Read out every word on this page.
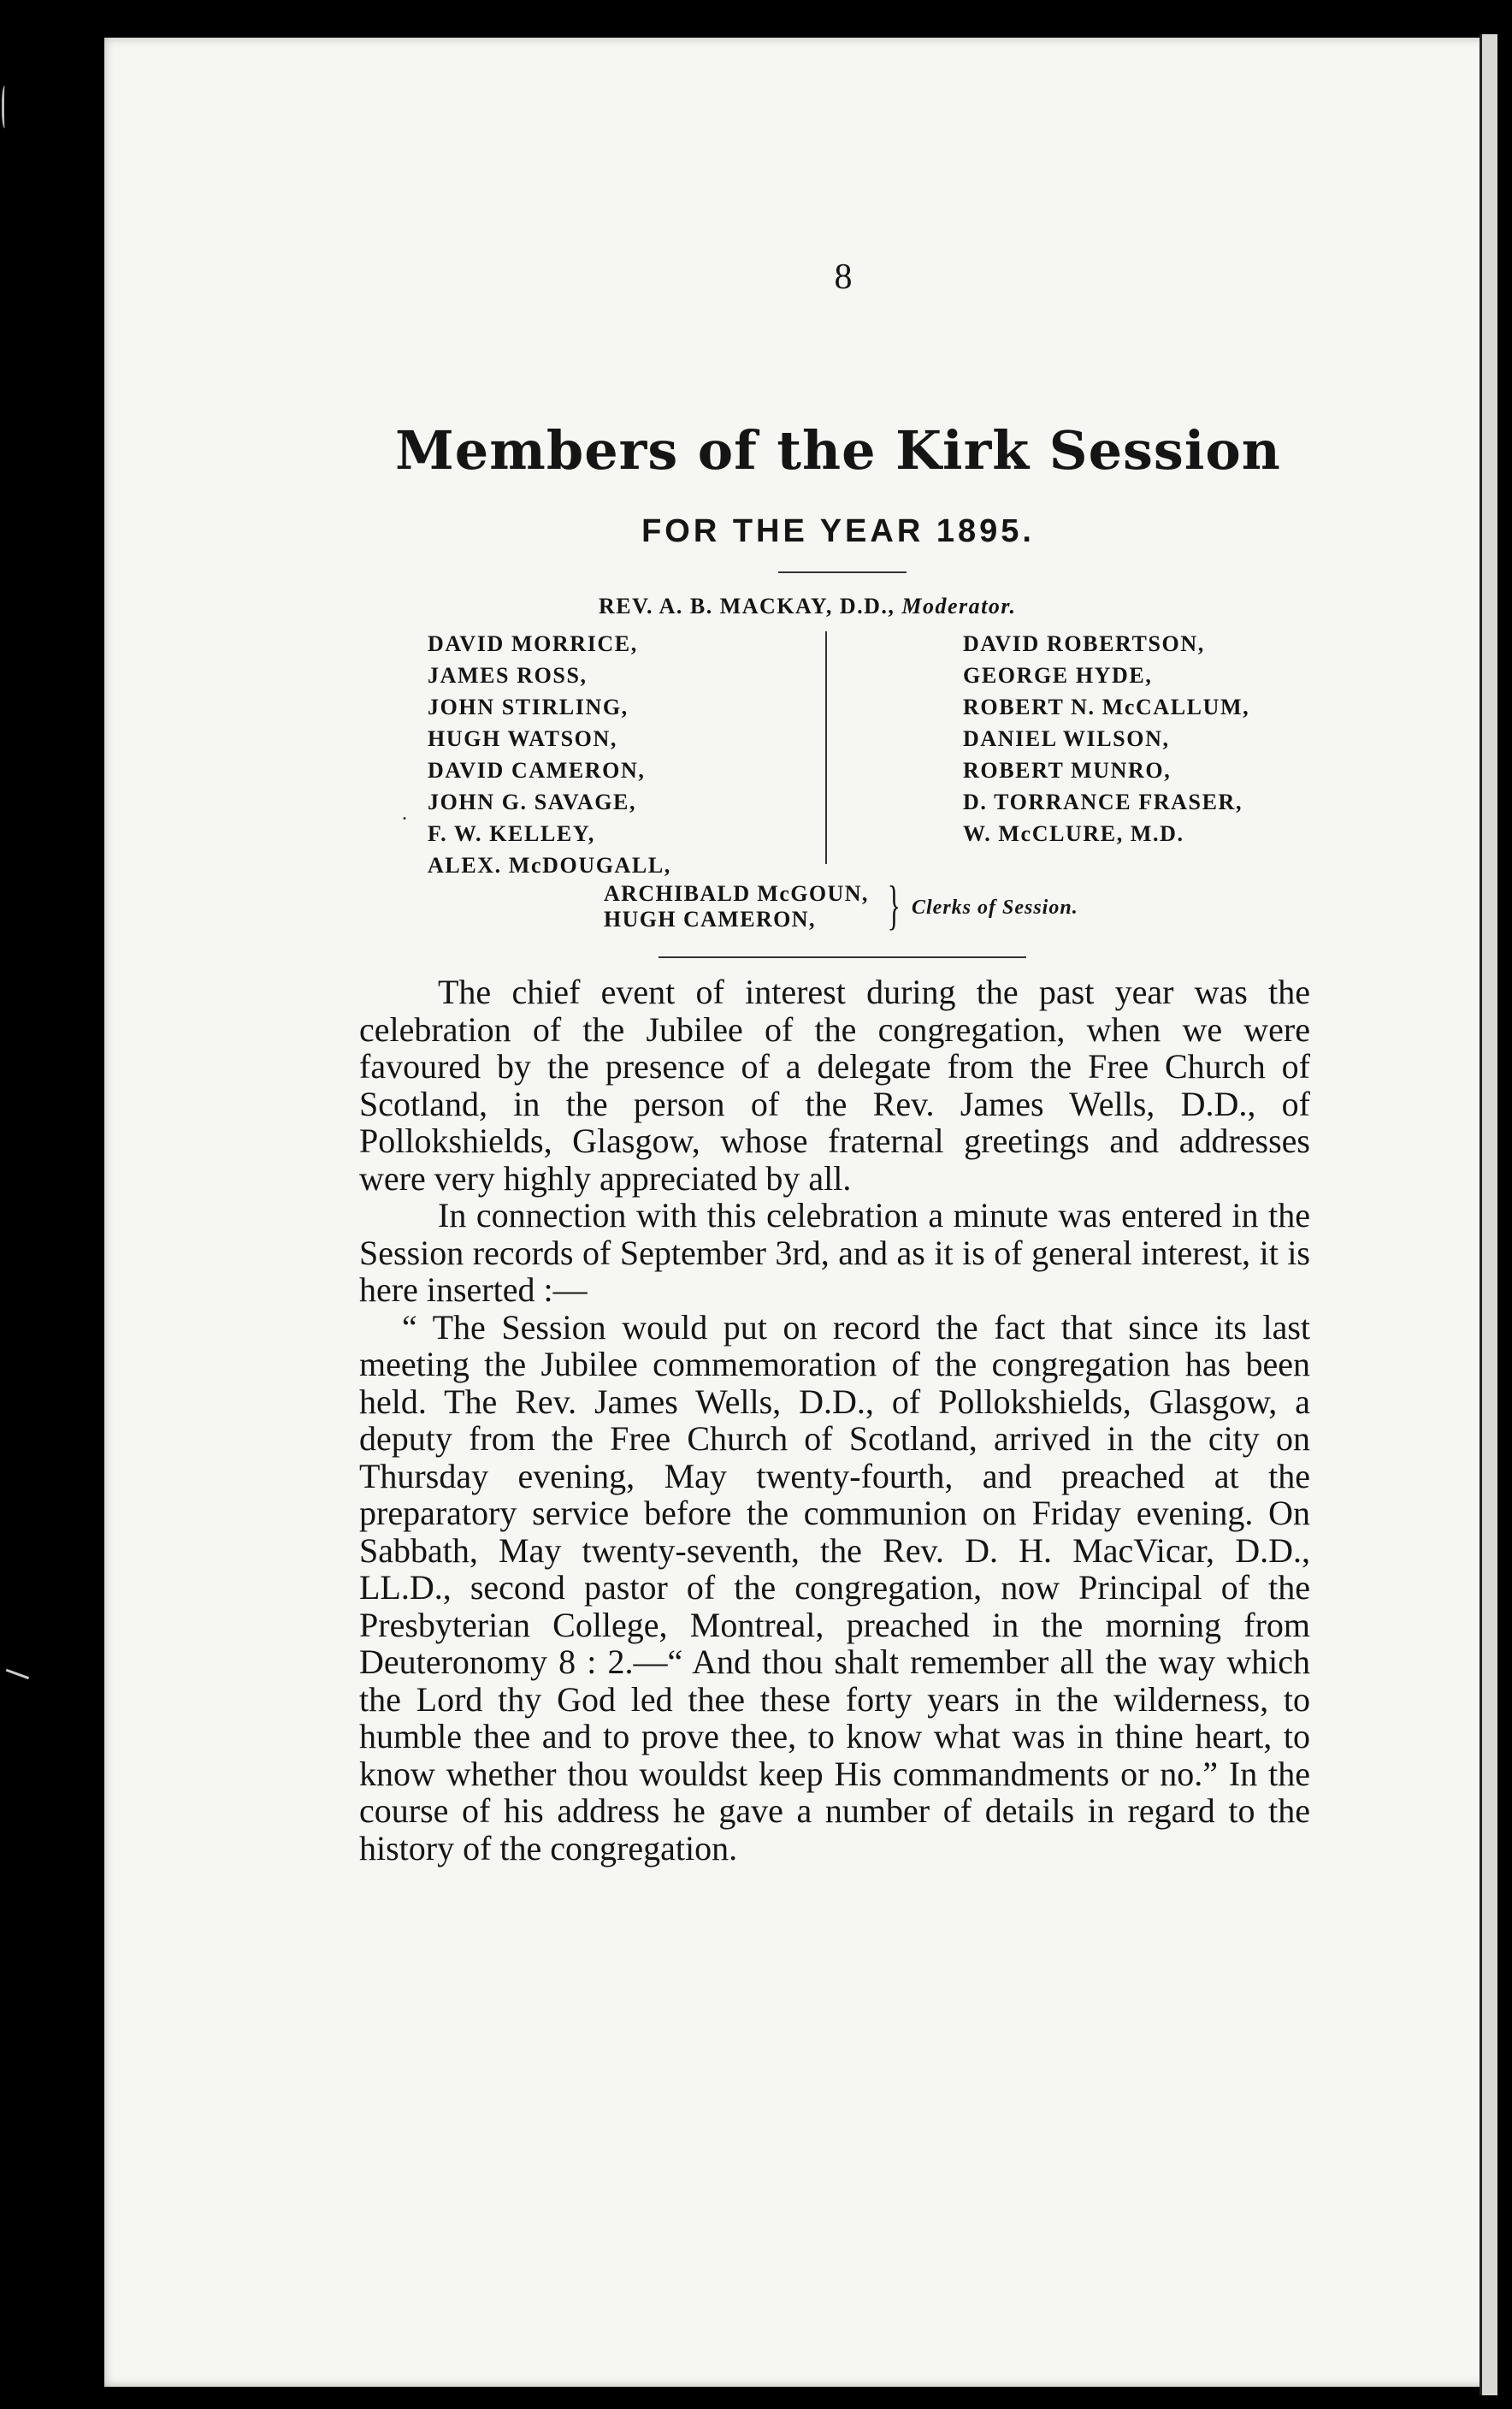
8
Members of the Kirk Session
FOR THE YEAR 1895.
REV. A. B. MACKAY, D.D., Moderator.
DAVID MORRICE,
JAMES ROSS,
JOHN STIRLING,
HUGH WATSON,
DAVID CAMERON,
JOHN G. SAVAGE,
F. W. KELLEY,
ALEX. McDOUGALL,
.
DAVID ROBERTSON,
GEORGE HYDE,
ROBERT N. McCALLUM,
DANIEL WILSON,
ROBERT MUNRO,
D. TORRANCE FRASER,
W. McCLURE, M.D.
ARCHIBALD McGOUN,
HUGH CAMERON,	} Clerks of Session.

The chief event of interest during the past year was the celebration of the Jubilee of the congregation, when we were favoured by the presence of a delegate from the Free Church of Scotland, in the person of the Rev. James Wells, D.D., of Pollokshields, Glasgow, whose fraternal greetings and addresses were very highly appreciated by all.

In connection with this celebration a minute was entered in the Session records of September 3rd, and as it is of general interest, it is here inserted :—

“ The Session would put on record the fact that since its last meeting the Jubilee commemoration of the congregation has been held. The Rev. James Wells, D.D., of Pollokshields, Glasgow, a deputy from the Free Church of Scotland, arrived in the city on Thursday evening, May twenty-fourth, and preached at the preparatory service before the communion on Friday evening. On Sabbath, May twenty-seventh, the Rev. D. H. MacVicar, D.D., LL.D., second pastor of the congregation, now Principal of the Presbyterian College, Montreal, preached in the morning from Deuteronomy 8 : 2.—“ And thou shalt remember all the way which the Lord thy God led thee these forty years in the wilderness, to humble thee and to prove thee, to know what was in thine heart, to know whether thou wouldst keep His commandments or no.” In the course of his address he gave a number of details in regard to the history of the congregation.
